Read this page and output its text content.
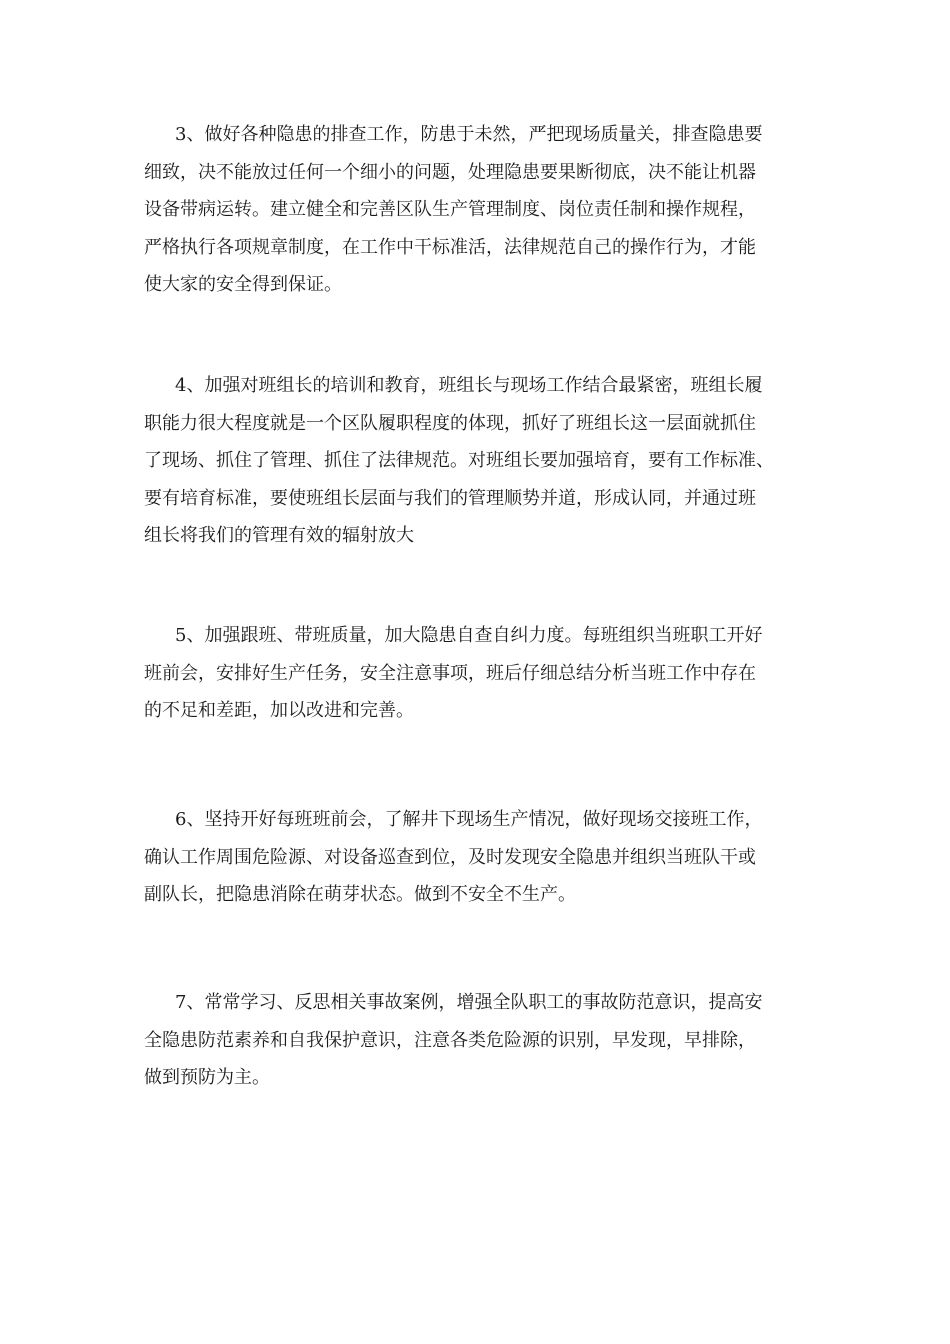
3、做好各种隐患的排查工作，防患于未然，严把现场质量关，排查隐患要
细致，决不能放过任何一个细小的问题，处理隐患要果断彻底，决不能让机器
设备带病运转。建立健全和完善区队生产管理制度、岗位责任制和操作规程，
严格执行各项规章制度，在工作中干标准活，法律规范自己的操作行为，才能
使大家的安全得到保证。
4、加强对班组长的培训和教育，班组长与现场工作结合最紧密，班组长履
职能力很大程度就是一个区队履职程度的体现，抓好了班组长这一层面就抓住
了现场、抓住了管理、抓住了法律规范。对班组长要加强培育，要有工作标准、
要有培育标准，要使班组长层面与我们的管理顺势并道，形成认同，并通过班
组长将我们的管理有效的辐射放大
5、加强跟班、带班质量，加大隐患自查自纠力度。每班组织当班职工开好
班前会，安排好生产任务，安全注意事项，班后仔细总结分析当班工作中存在
的不足和差距，加以改进和完善。
6、坚持开好每班班前会，了解井下现场生产情况，做好现场交接班工作，
确认工作周围危险源、对设备巡查到位，及时发现安全隐患并组织当班队干或
副队长，把隐患消除在萌芽状态。做到不安全不生产。
7、常常学习、反思相关事故案例，增强全队职工的事故防范意识，提高安
全隐患防范素养和自我保护意识，注意各类危险源的识别，早发现，早排除，
做到预防为主。
